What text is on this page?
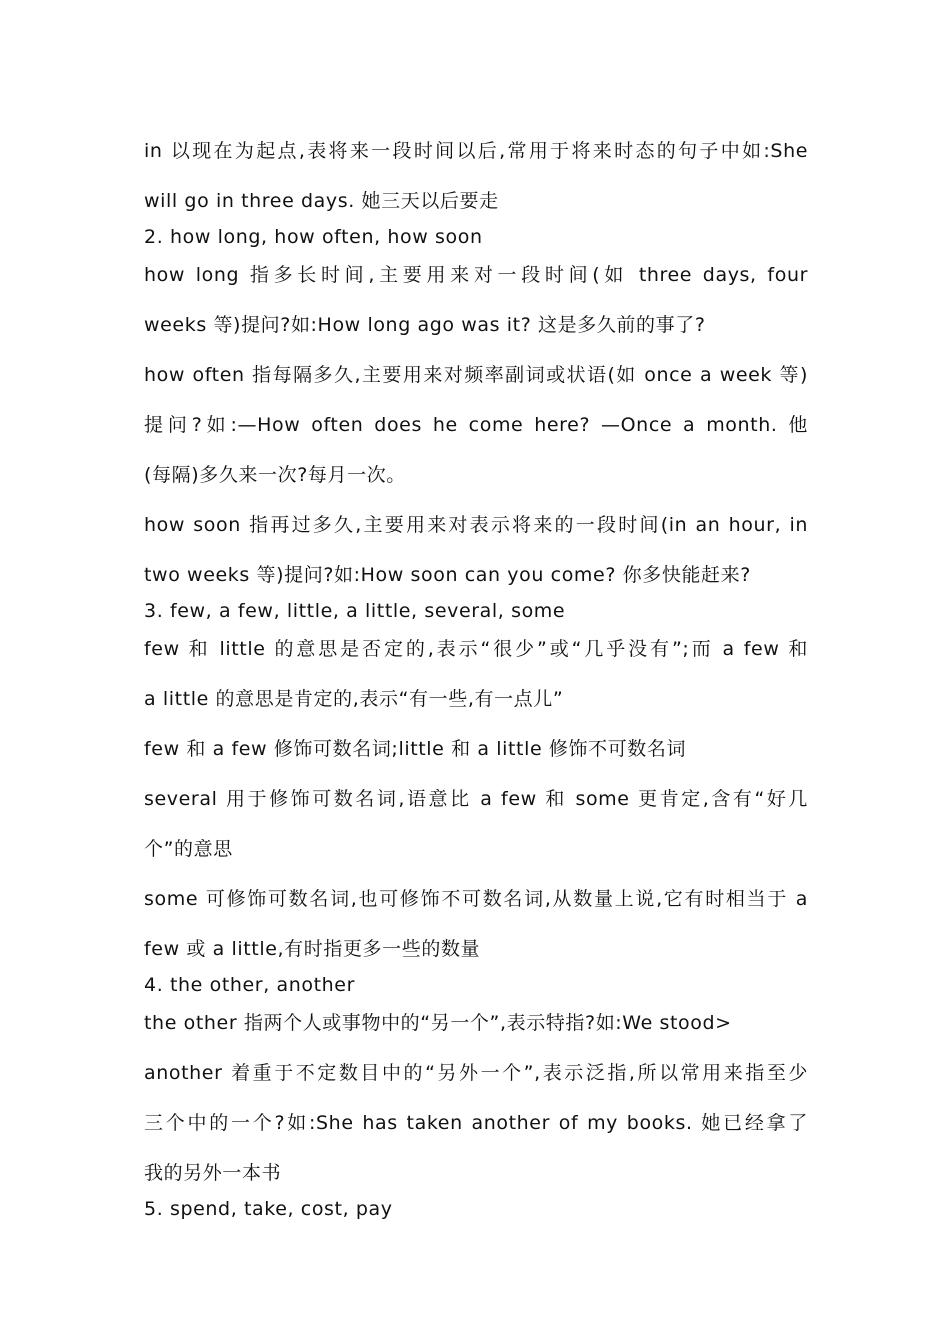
in 以现在为起点,表将来一段时间以后,常用于将来时态的句子中如:She
will go in three days. 她三天以后要走
2. how long, how often, how soon
how long 指多长时间,主要用来对一段时间(如 three days, four
weeks 等)提问?如:How long ago was it? 这是多久前的事了?
how often 指每隔多久,主要用来对频率副词或状语(如 once a week 等)
提问?如:—How often does he come here? —Once a month. 他
(每隔)多久来一次?每月一次。
how soon 指再过多久,主要用来对表示将来的一段时间(in an hour, in
two weeks 等)提问?如:How soon can you come? 你多快能赶来?
3. few, a few, little, a little, several, some
few 和 little 的意思是否定的,表示“很少”或“几乎没有”;而 a few 和
a little 的意思是肯定的,表示“有一些,有一点儿”
few 和 a few 修饰可数名词;little 和 a little 修饰不可数名词
several 用于修饰可数名词,语意比 a few 和 some 更肯定,含有“好几
个”的意思
some 可修饰可数名词,也可修饰不可数名词,从数量上说,它有时相当于 a
few 或 a little,有时指更多一些的数量
4. the other, another
the other 指两个人或事物中的“另一个”,表示特指?如:We stood>
another 着重于不定数目中的“另外一个”,表示泛指,所以常用来指至少
三个中的一个?如:She has taken another of my books. 她已经拿了
我的另外一本书
5. spend, take, cost, pay
